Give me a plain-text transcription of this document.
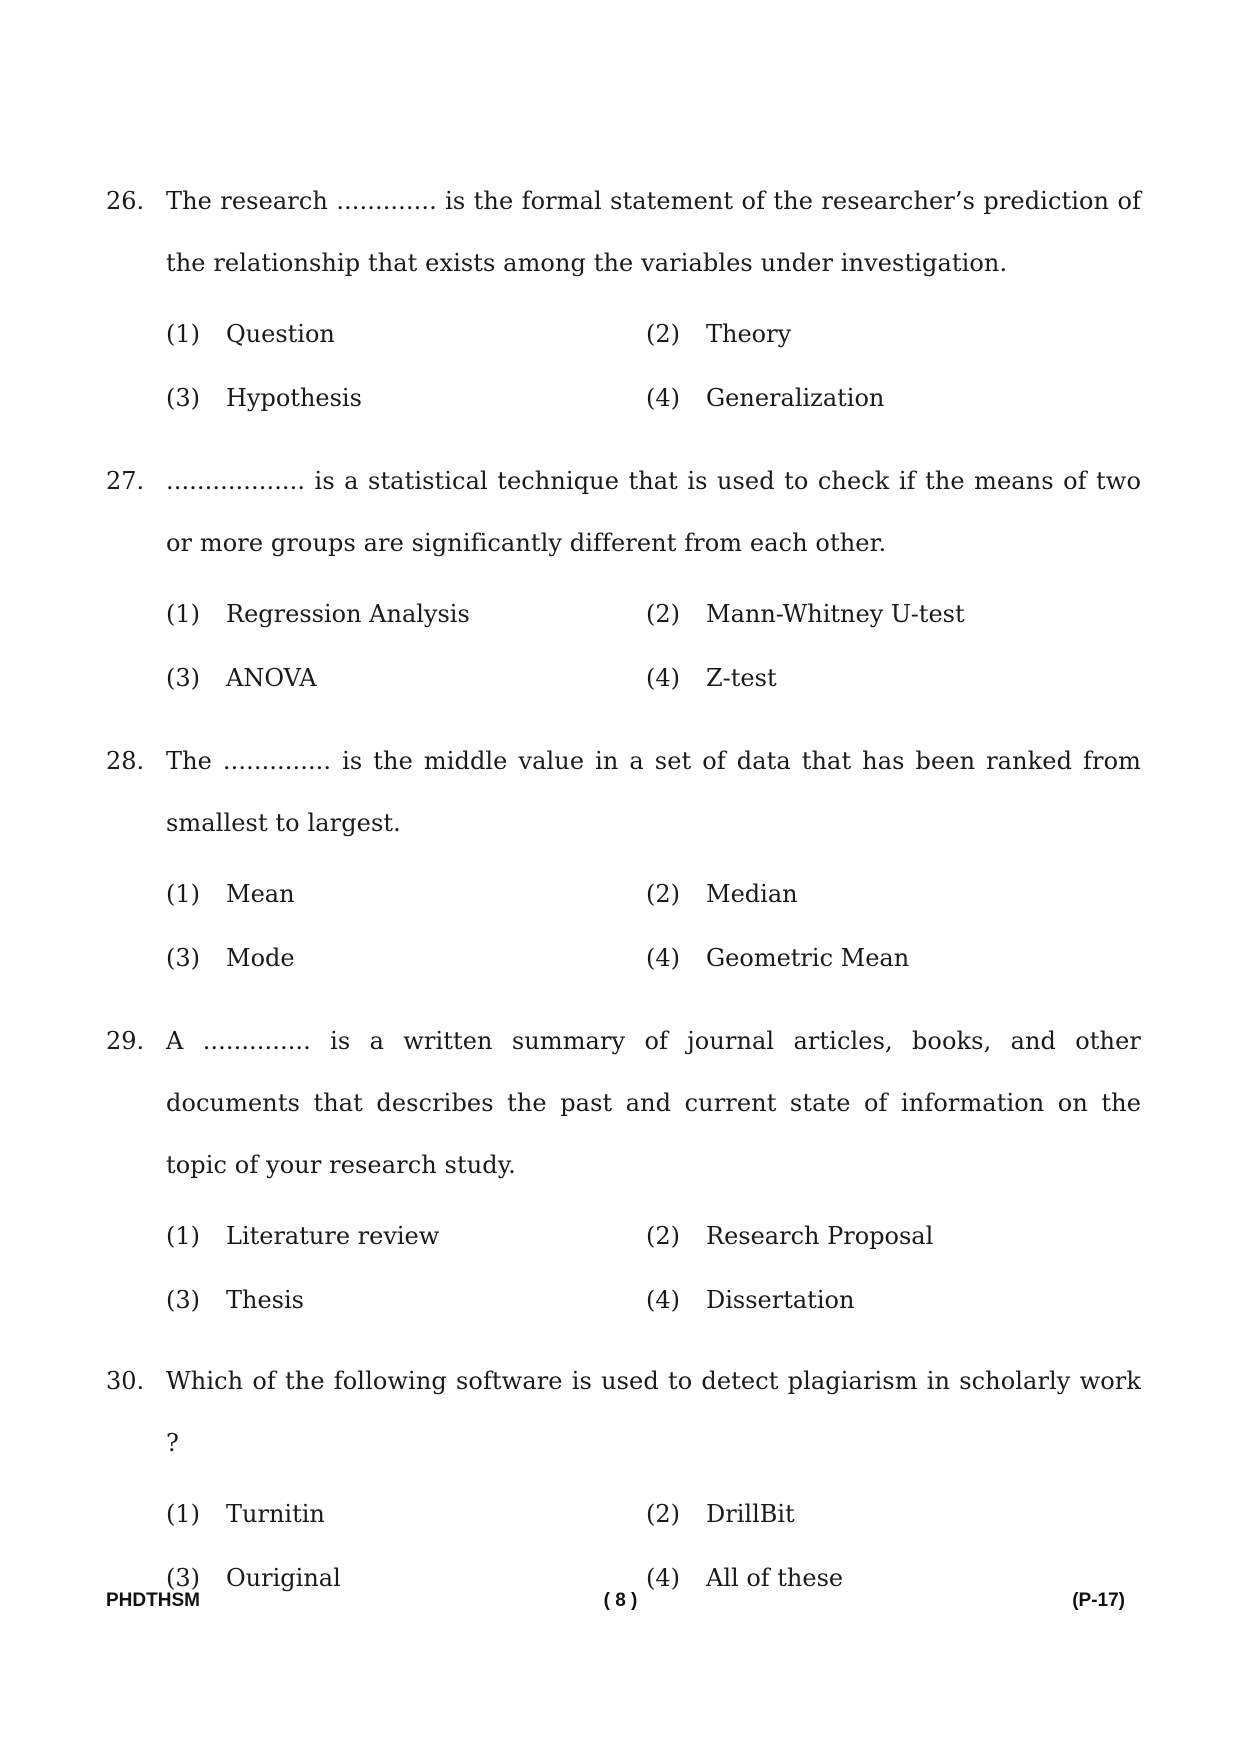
26. The research ............. is the formal statement of the researcher’s prediction of the relationship that exists among the variables under investigation.
(1) Question	(2) Theory
(3) Hypothesis	(4) Generalization
27. .................. is a statistical technique that is used to check if the means of two or more groups are significantly different from each other.
(1) Regression Analysis	(2) Mann-Whitney U-test
(3) ANOVA	(4) Z-test
28. The .............. is the middle value in a set of data that has been ranked from smallest to largest.
(1) Mean	(2) Median
(3) Mode	(4) Geometric Mean
29. A .............. is a written summary of journal articles, books, and other documents that describes the past and current state of information on the topic of your research study.
(1) Literature review	(2) Research Proposal
(3) Thesis	(4) Dissertation
30. Which of the following software is used to detect plagiarism in scholarly work ?
(1) Turnitin	(2) DrillBit
(3) Ouriginal	(4) All of these
PHDTHSM	( 8 )	(P-17)
